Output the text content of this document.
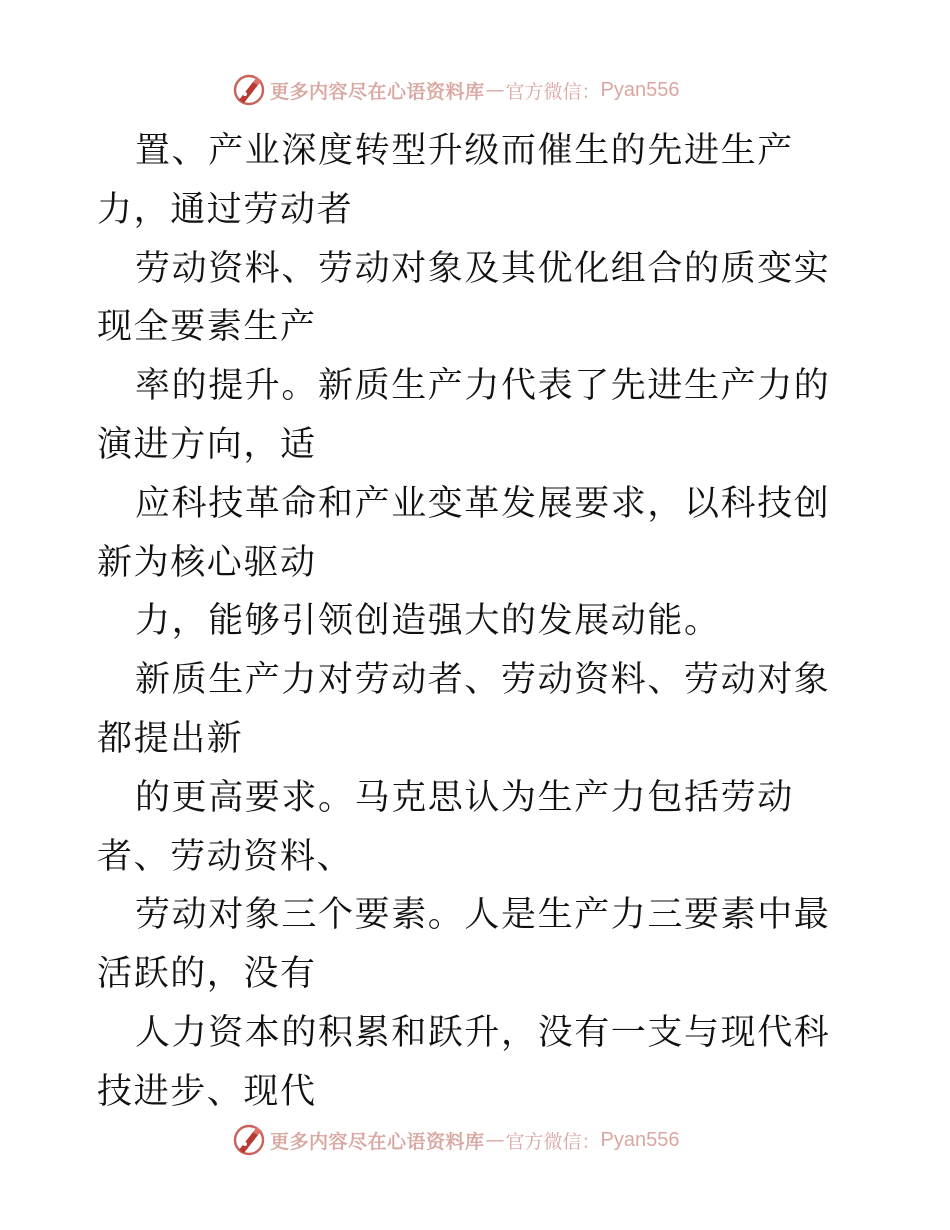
更多内容尽在心语资料库 — 官方微信： Pyan556

置、产业深度转型升级而催生的先进生产力，通过劳动者

劳动资料、劳动对象及其优化组合的质变实现全要素生产

率的提升。新质生产力代表了先进生产力的演进方向，适

应科技革命和产业变革发展要求，以科技创新为核心驱动

力，能够引领创造强大的发展动能。

新质生产力对劳动者、劳动资料、劳动对象都提出新

的更高要求。马克思认为生产力包括劳动者、劳动资料、

劳动对象三个要素。人是生产力三要素中最活跃的，没有

人力资本的积累和跃升，没有一支与现代科技进步、现代

更多内容尽在心语资料库 — 官方微信： Pyan556
